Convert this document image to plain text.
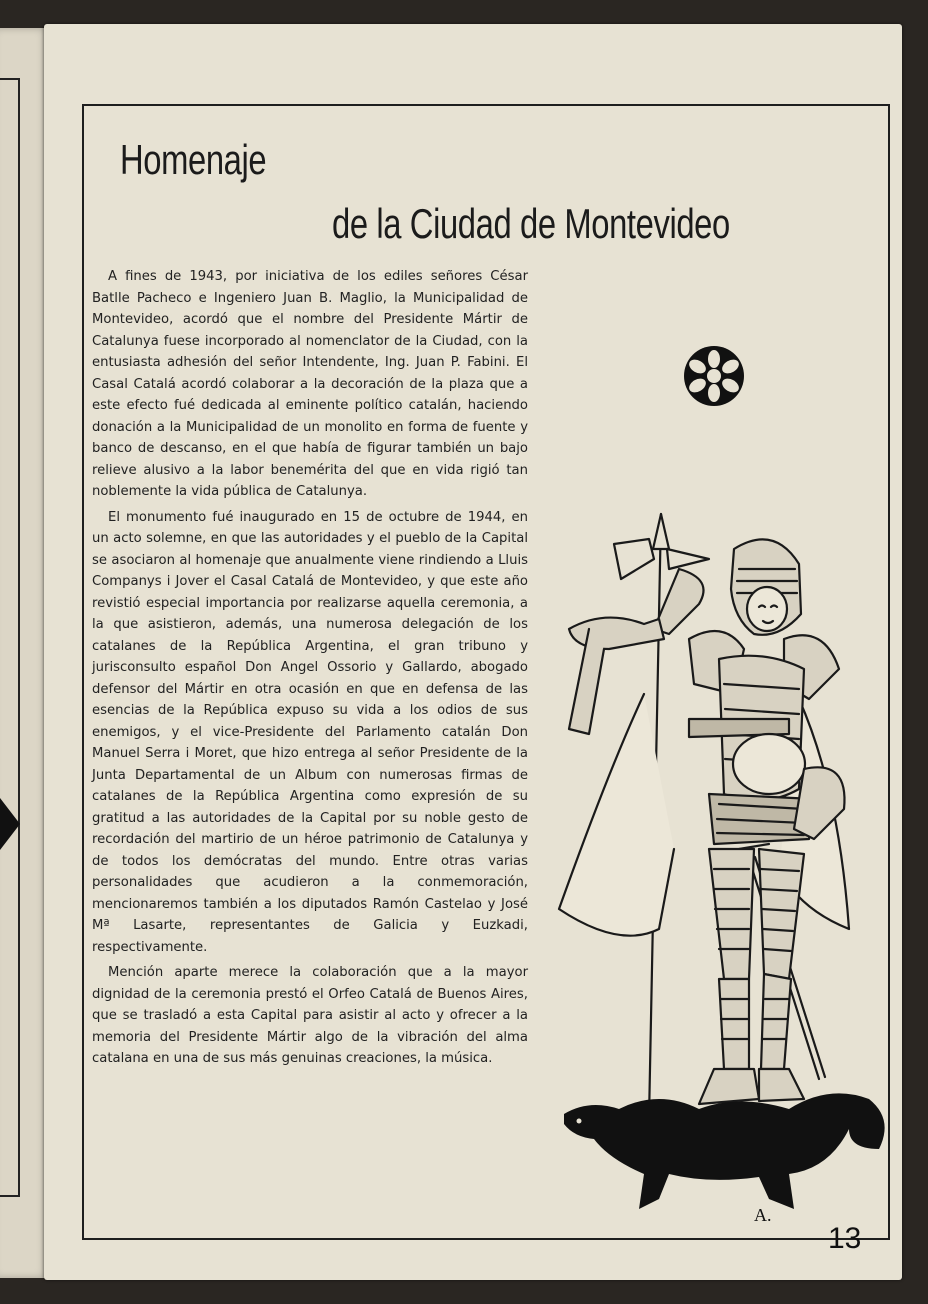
Homenaje
de la Ciudad de Montevideo

A fines de 1943, por iniciativa de los ediles señores César Batlle Pacheco e Ingeniero Juan B. Maglio, la Municipalidad de Montevideo, acordó que el nombre del Presidente Mártir de Catalunya fuese incorporado al nomenclator de la Ciudad, con la entusiasta adhesión del señor Intendente, Ing. Juan P. Fabini. El Casal Catalá acordó colaborar a la decoración de la plaza que a este efecto fué dedicada al eminente político catalán, haciendo donación a la Municipalidad de un monolito en forma de fuente y banco de descanso, en el que había de figurar también un bajo relieve alusivo a la labor benemérita del que en vida rigió tan noblemente la vida pública de Catalunya.

El monumento fué inaugurado en 15 de octubre de 1944, en un acto solemne, en que las autoridades y el pueblo de la Capital se asociaron al homenaje que anualmente viene rindiendo a Lluis Companys i Jover el Casal Catalá de Montevideo, y que este año revistió especial importancia por realizarse aquella ceremonia, a la que asistieron, además, una numerosa delegación de los catalanes de la República Argentina, el gran tribuno y jurisconsulto español Don Angel Ossorio y Gallardo, abogado defensor del Mártir en otra ocasión en que en defensa de las esencias de la República expuso su vida a los odios de sus enemigos, y el vice-Presidente del Parlamento catalán Don Manuel Serra i Moret, que hizo entrega al señor Presidente de la Junta Departamental de un Album con numerosas firmas de catalanes de la República Argentina como expresión de su gratitud a las autoridades de la Capital por su noble gesto de recordación del martirio de un héroe patrimonio de Catalunya y de todos los demócratas del mundo. Entre otras varias personalidades que acudieron a la conmemoración, mencionaremos también a los diputados Ramón Castelao y José Mª Lasarte, representantes de Galicia y Euzkadi, respectivamente.

Mención aparte merece la colaboración que a la mayor dignidad de la ceremonia prestó el Orfeo Catalá de Buenos Aires, que se trasladó a esta Capital para asistir al acto y ofrecer a la memoria del Presidente Mártir algo de la vibración del alma catalana en una de sus más genuinas creaciones, la música.

A.
13
